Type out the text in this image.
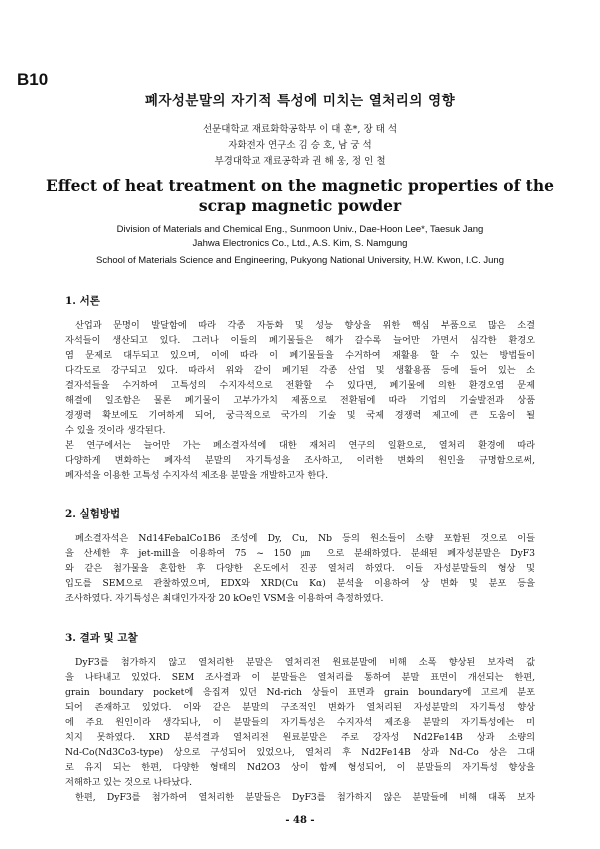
B10
폐자성분말의 자기적 특성에 미치는 열처리의 영향
선문대학교 재료화학공학부 이 대 훈*, 장 태 석
자화전자 연구소 김 승 호, 남 궁 석
부경대학교 재료공학과 권 해 웅, 정 인 철
Effect of heat treatment on the magnetic properties of the scrap magnetic powder
Division of Materials and Chemical Eng., Sunmoon Univ., Dae-Hoon Lee*, Taesuk Jang
Jahwa Electronics Co., Ltd., A.S. Kim, S. Namgung
School of Materials Science and Engineering, Pukyong National University, H.W. Kwon, I.C. Jung
1. 서론
산업과 문명이 발달함에 따라 각종 자동화 및 성능 향상을 위한 핵심 부품으로 많은 소결
자석들이 생산되고 있다. 그러나 이들의 폐기물들은 해가 갈수록 늘어만 가면서 심각한 환경오
염 문제로 대두되고 있으며, 이에 따라 이 폐기물들을 수거하여 재활용 할 수 있는 방법들이
다각도로 강구되고 있다. 따라서 위와 같이 폐기된 각종 산업 및 생활용품 등에 들어 있는 소
결자석들을 수거하여 고특성의 수지자석으로 전환할 수 있다면, 폐기물에 의한 환경오염 문제
해결에 일조함은 물론 폐기물이 고부가가치 제품으로 전환됨에 따라 기업의 기술발전과 상품
경쟁력 확보에도 기여하게 되어, 궁극적으로 국가의 기술 및 국제 경쟁력 제고에 큰 도움이 될
수 있을 것이라 생각된다.
본 연구에서는 늘어만 가는 폐소결자석에 대한 재처리 연구의 일환으로, 열처리 환경에 따라
다양하게 변화하는 폐자석 분말의 자기특성을 조사하고, 이러한 변화의 원인을 규명함으로써,
폐자석을 이용한 고특성 수지자석 제조용 분말을 개발하고자 한다.
2. 실험방법
폐소결자석은 Nd14FebalCo1B6 조성에 Dy, Cu, Nb 등의 원소들이 소량 포함된 것으로 이들
을 산세한 후 jet-mill을 이용하여 75 ~ 150 ㎛ 으로 분쇄하였다. 분쇄된 폐자성분말은 DyF3
와 같은 첨가물을 혼합한 후 다양한 온도에서 진공 열처리 하였다. 이들 자성분말들의 형상 및
입도를 SEM으로 관찰하였으며, EDX와 XRD(Cu Kα) 분석을 이용하여 상 변화 및 분포 등을
조사하였다. 자기특성은 최대인가자장 20 kOe인 VSM을 이용하여 측정하였다.
3. 결과 및 고찰
DyF3를 첨가하지 않고 열처리한 분말은 열처리전 원료분말에 비해 소폭 향상된 보자력 값
을 나타내고 있었다. SEM 조사결과 이 분말들은 열처리를 통하여 분말 표면이 개선되는 한편,
grain boundary pocket에 응집져 있던 Nd-rich 상들이 표면과 grain boundary에 고르게 분포
되어 존재하고 있었다. 이와 같은 분말의 구조적인 변화가 열처리된 자성분말의 자기특성 향상
에 주요 원인이라 생각되나, 이 분말들의 자기특성은 수지자석 제조용 분말의 자기특성에는 미
치지 못하였다. XRD 분석결과 열처리전 원료분말은 주로 강자성 Nd2Fe14B 상과 소량의
Nd-Co(Nd3Co3-type) 상으로 구성되어 있었으나, 열처리 후 Nd2Fe14B 상과 Nd-Co 상은 그대
로 유지 되는 한편, 다양한 형태의 Nd2O3 상이 함께 형성되어, 이 분말들의 자기특성 향상을
저해하고 있는 것으로 나타났다.
한편, DyF3를 첨가하여 열처리한 분말들은 DyF3를 첨가하지 않은 분말들에 비해 대폭 보자
- 48 -
